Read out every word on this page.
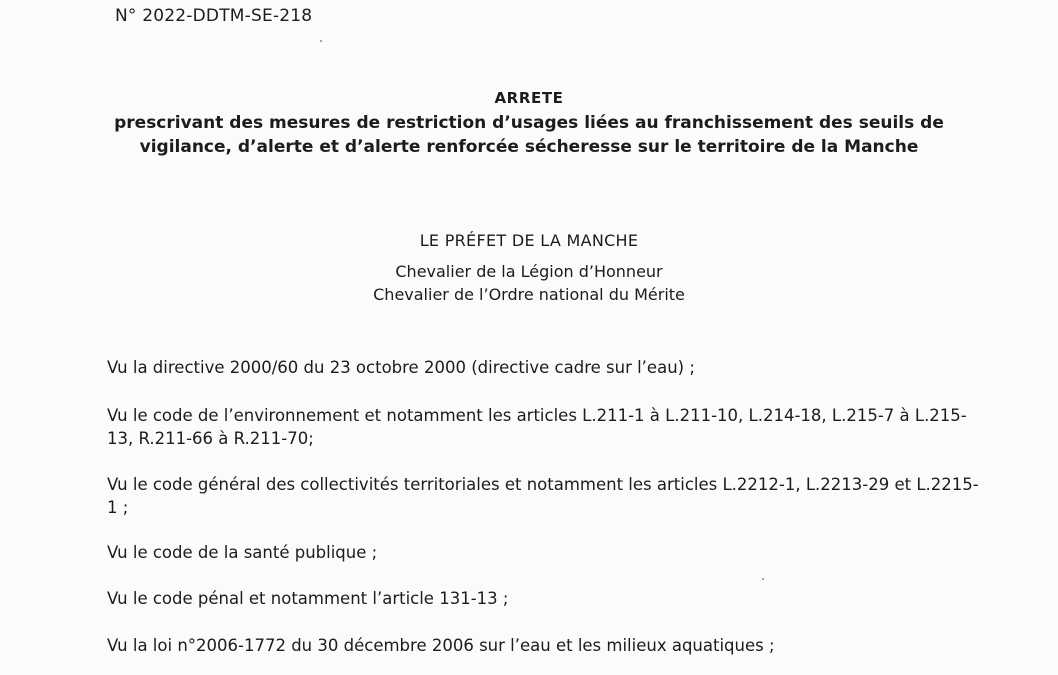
N° 2022-DDTM-SE-218
ARRETE
prescrivant des mesures de restriction d’usages liées au franchissement des seuils de
vigilance, d’alerte et d’alerte renforcée sécheresse sur le territoire de la Manche
LE PRÉFET DE LA MANCHE
Chevalier de la Légion d’Honneur
Chevalier de l’Ordre national du Mérite
Vu la directive 2000/60 du 23 octobre 2000 (directive cadre sur l’eau) ;
Vu le code de l’environnement et notamment les articles L.211-1 à L.211-10, L.214-18, L.215-7 à L.215-13, R.211-66 à R.211-70;
Vu le code général des collectivités territoriales et notamment les articles L.2212-1, L.2213-29 et L.2215-1 ;
Vu le code de la santé publique ;
Vu le code pénal et notamment l’article 131-13 ;
Vu la loi n°2006-1772 du 30 décembre 2006 sur l’eau et les milieux aquatiques ;
